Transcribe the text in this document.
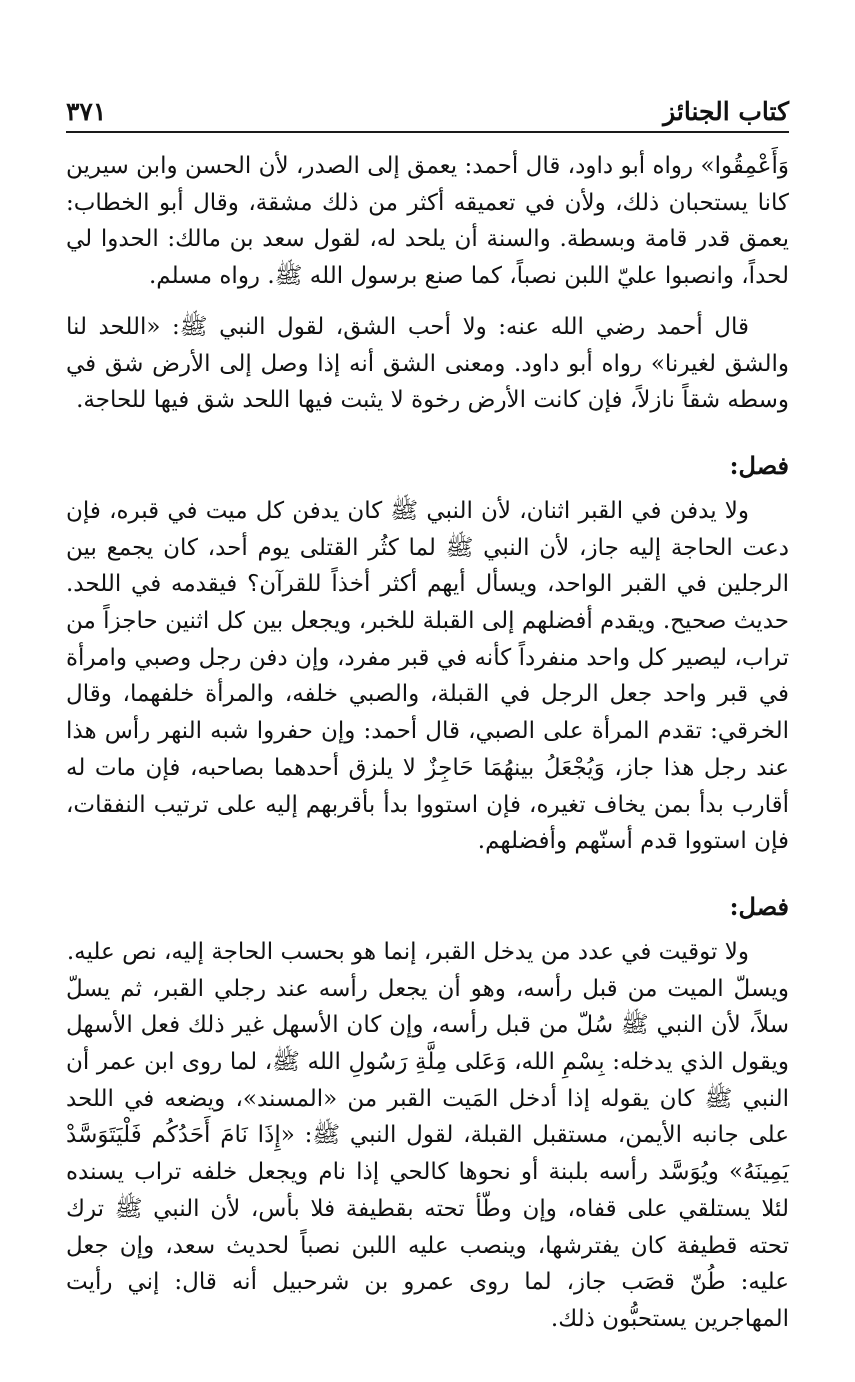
كتاب الجنائز
٣٧١

وَأَعْمِقُوا» رواه أبو داود، قال أحمد: يعمق إلى الصدر، لأن الحسن وابن سيرين كانا يستحبان ذلك، ولأن في تعميقه أكثر من ذلك مشقة، وقال أبو الخطاب: يعمق قدر قامة وبسطة. والسنة أن يلحد له، لقول سعد بن مالك: الحدوا لي لحداً، وانصبوا عليّ اللبن نصباً، كما صنع برسول الله ﷺ. رواه مسلم.

قال أحمد رضي الله عنه: ولا أحب الشق، لقول النبي ﷺ: «اللحد لنا والشق لغيرنا» رواه أبو داود. ومعنى الشق أنه إذا وصل إلى الأرض شق في وسطه شقاً نازلاً، فإن كانت الأرض رخوة لا يثبت فيها اللحد شق فيها للحاجة.

فصل:

ولا يدفن في القبر اثنان، لأن النبي ﷺ كان يدفن كل ميت في قبره، فإن دعت الحاجة إليه جاز، لأن النبي ﷺ لما كثُر القتلى يوم أحد، كان يجمع بين الرجلين في القبر الواحد، ويسأل أيهم أكثر أخذاً للقرآن؟ فيقدمه في اللحد. حديث صحيح. ويقدم أفضلهم إلى القبلة للخبر، ويجعل بين كل اثنين حاجزاً من تراب، ليصير كل واحد منفرداً كأنه في قبر مفرد، وإن دفن رجل وصبي وامرأة في قبر واحد جعل الرجل في القبلة، والصبي خلفه، والمرأة خلفهما، وقال الخرقي: تقدم المرأة على الصبي، قال أحمد: وإن حفروا شبه النهر رأس هذا عند رجل هذا جاز، وَيُجْعَلُ بينهُمَا حَاجِزٌ لا يلزق أحدهما بصاحبه، فإن مات له أقارب بدأ بمن يخاف تغيره، فإن استووا بدأ بأقربهم إليه على ترتيب النفقات، فإن استووا قدم أسنّهم وأفضلهم.

فصل:

ولا توقيت في عدد من يدخل القبر، إنما هو بحسب الحاجة إليه، نص عليه.

ويسلّ الميت من قبل رأسه، وهو أن يجعل رأسه عند رجلي القبر، ثم يسلّ سلاً، لأن النبي ﷺ سُلّ من قبل رأسه، وإن كان الأسهل غير ذلك فعل الأسهل ويقول الذي يدخله: بِسْمِ الله، وَعَلى مِلَّةِ رَسُولِ الله ﷺ، لما روى ابن عمر أن النبي ﷺ كان يقوله إذا أدخل المَيت القبر من «المسند»، ويضعه في اللحد على جانبه الأيمن، مستقبل القبلة، لقول النبي ﷺ: «إِذَا نَامَ أَحَدُكُم فَلْيَتَوَسَّدْ يَمِينَهُ» ويُوَسَّد رأسه بلبنة أو نحوها كالحي إذا نام ويجعل خلفه تراب يسنده لئلا يستلقي على قفاه، وإن وطّأ تحته بقطيفة فلا بأس، لأن النبي ﷺ ترك تحته قطيفة كان يفترشها، وينصب عليه اللبن نصباً لحديث سعد، وإن جعل عليه: طُنّ قصَب جاز، لما روى عمرو بن شرحبيل أنه قال: إني رأيت المهاجرين يستحبُّون ذلك.
